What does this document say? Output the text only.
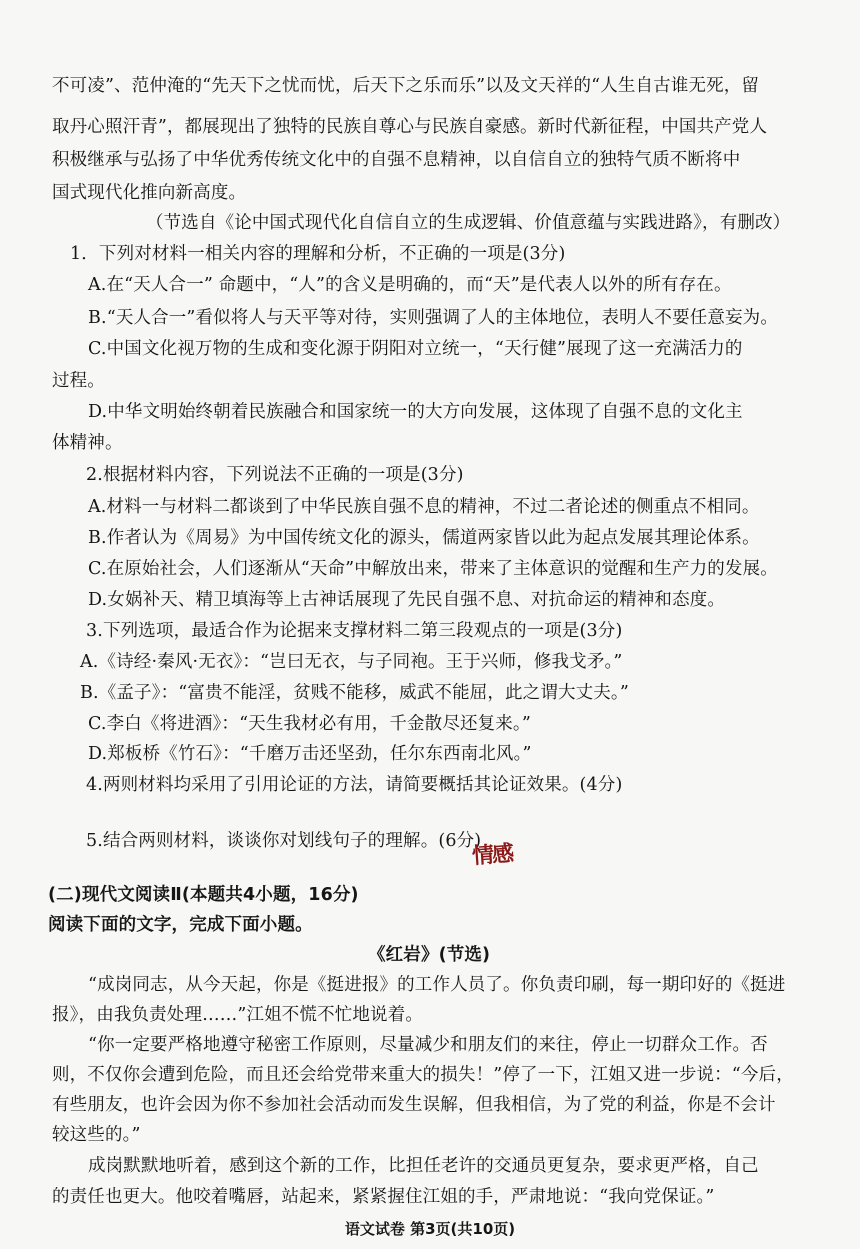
不可凌”、范仲淹的“先天下之忧而忧，后天下之乐而乐”以及文天祥的“人生自古谁无死，留
取丹心照汗青”，都展现出了独特的民族自尊心与民族自豪感。新时代新征程，中国共产党人
积极继承与弘扬了中华优秀传统文化中的自强不息精神，以自信自立的独特气质不断将中
国式现代化推向新高度。
（节选自《论中国式现代化自信自立的生成逻辑、价值意蕴与实践进路》，有删改）
1．下列对材料一相关内容的理解和分析，不正确的一项是(3分)
A.在“天人合一” 命题中，“人”的含义是明确的，而“天”是代表人以外的所有存在。
B.“天人合一”看似将人与天平等对待，实则强调了人的主体地位，表明人不要任意妄为。
C.中国文化视万物的生成和变化源于阴阳对立统一，“天行健”展现了这一充满活力的
过程。
D.中华文明始终朝着民族融合和国家统一的大方向发展，这体现了自强不息的文化主
体精神。
2.根据材料内容，下列说法不正确的一项是(3分)
A.材料一与材料二都谈到了中华民族自强不息的精神，不过二者论述的侧重点不相同。
B.作者认为《周易》为中国传统文化的源头，儒道两家皆以此为起点发展其理论体系。
C.在原始社会，人们逐渐从“天命”中解放出来，带来了主体意识的觉醒和生产力的发展。
D.女娲补天、精卫填海等上古神话展现了先民自强不息、对抗命运的精神和态度。
3.下列选项，最适合作为论据来支撑材料二第三段观点的一项是(3分)
A.《诗经·秦风·无衣》：“岂曰无衣，与子同袍。王于兴师，修我戈矛。”
B.《孟子》：“富贵不能淫，贫贱不能移，威武不能屈，此之谓大丈夫。”
C.李白《将进酒》：“天生我材必有用，千金散尽还复来。”
D.郑板桥《竹石》：“千磨万击还坚劲，任尔东西南北风。”
4.两则材料均采用了引用论证的方法，请简要概括其论证效果。(4分)
5.结合两则材料，谈谈你对划线句子的理解。(6分)
情感
(二)现代文阅读Ⅱ(本题共4小题，16分)
阅读下面的文字，完成下面小题。
《红岩》(节选)
“成岗同志，从今天起，你是《挺进报》的工作人员了。你负责印刷，每一期印好的《挺进
报》，由我负责处理……”江姐不慌不忙地说着。
“你一定要严格地遵守秘密工作原则，尽量减少和朋友们的来往，停止一切群众工作。否
则，不仅你会遭到危险，而且还会给党带来重大的损失！”停了一下，江姐又进一步说：“今后，
有些朋友，也许会因为你不参加社会活动而发生误解，但我相信，为了党的利益，你是不会计
较这些的。”
成岗默默地听着，感到这个新的工作，比担任老许的交通员更复杂，要求更严格，自己
的责任也更大。他咬着嘴唇，站起来，紧紧握住江姐的手，严肃地说：“我向党保证。”
语文试卷 第3页(共10页)
